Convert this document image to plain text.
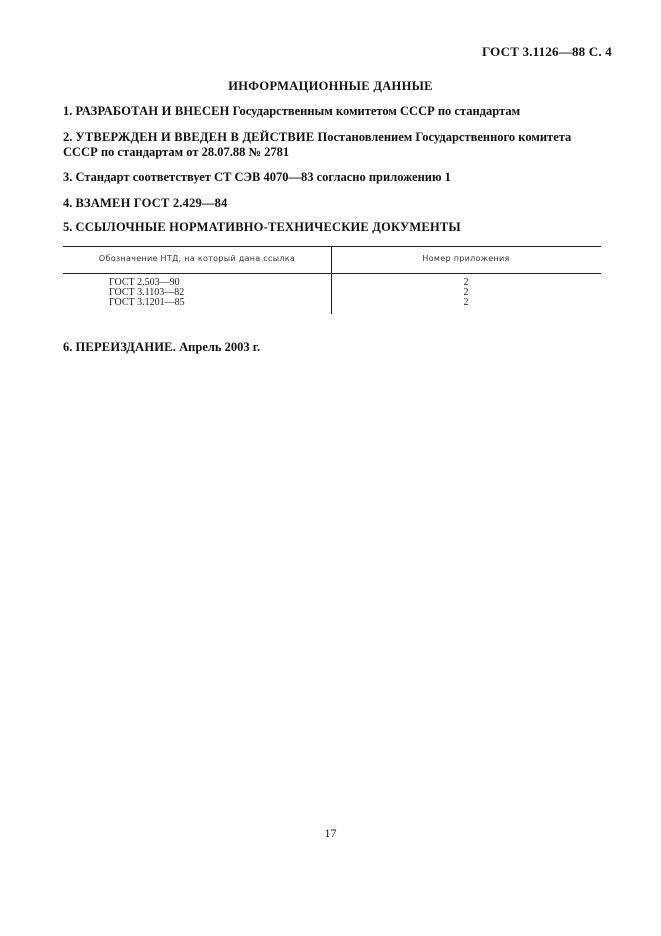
ГОСТ 3.1126—88 С. 4
ИНФОРМАЦИОННЫЕ ДАННЫЕ
1. РАЗРАБОТАН И ВНЕСЕН Государственным комитетом СССР по стандартам
2. УТВЕРЖДЕН И ВВЕДЕН В ДЕЙСТВИЕ Постановлением Государственного комитета СССР по стандартам от 28.07.88 № 2781
3. Стандарт соответствует СТ СЭВ 4070—83 согласно приложению 1
4. ВЗАМЕН ГОСТ 2.429—84
5. ССЫЛОЧНЫЕ НОРМАТИВНО-ТЕХНИЧЕСКИЕ ДОКУМЕНТЫ
Обозначение НТД, на который дана ссылка	Номер приложения
ГОСТ 2.503—90
ГОСТ 3.1103—82
ГОСТ 3.1201—85
2
2
2
6. ПЕРЕИЗДАНИЕ. Апрель 2003 г.
17
